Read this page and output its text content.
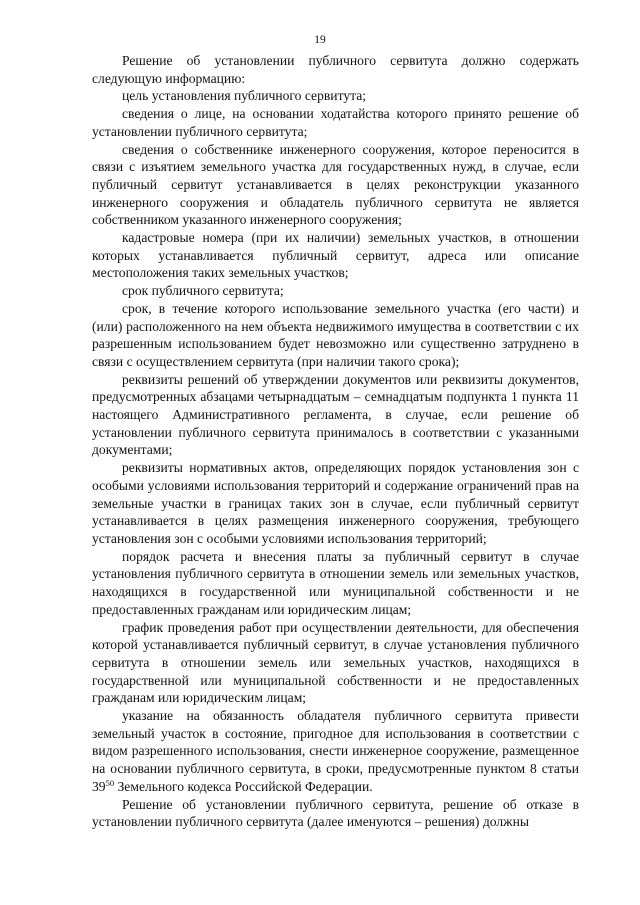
19

Решение об установлении публичного сервитута должно содержать следующую информацию:

цель установления публичного сервитута;

сведения о лице, на основании ходатайства которого принято решение об установлении публичного сервитута;

сведения о собственнике инженерного сооружения, которое переносится в связи с изъятием земельного участка для государственных нужд, в случае, если публичный сервитут устанавливается в целях реконструкции указанного инженерного сооружения и обладатель публичного сервитута не является собственником указанного инженерного сооружения;

кадастровые номера (при их наличии) земельных участков, в отношении которых устанавливается публичный сервитут, адреса или описание местоположения таких земельных участков;

срок публичного сервитута;

срок, в течение которого использование земельного участка (его части) и (или) расположенного на нем объекта недвижимого имущества в соответствии с их разрешенным использованием будет невозможно или существенно затруднено в связи с осуществлением сервитута (при наличии такого срока);

реквизиты решений об утверждении документов или реквизиты документов, предусмотренных абзацами четырнадцатым – семнадцатым подпункта 1 пункта 11 настоящего Административного регламента, в случае, если решение об установлении публичного сервитута принималось в соответствии с указанными документами;

реквизиты нормативных актов, определяющих порядок установления зон с особыми условиями использования территорий и содержание ограничений прав на земельные участки в границах таких зон в случае, если публичный сервитут устанавливается в целях размещения инженерного сооружения, требующего установления зон с особыми условиями использования территорий;

порядок расчета и внесения платы за публичный сервитут в случае установления публичного сервитута в отношении земель или земельных участков, находящихся в государственной или муниципальной собственности и не предоставленных гражданам или юридическим лицам;

график проведения работ при осуществлении деятельности, для обеспечения которой устанавливается публичный сервитут, в случае установления публичного сервитута в отношении земель или земельных участков, находящихся в государственной или муниципальной собственности и не предоставленных гражданам или юридическим лицам;

указание на обязанность обладателя публичного сервитута привести земельный участок в состояние, пригодное для использования в соответствии с видом разрешенного использования, снести инженерное сооружение, размещенное на основании публичного сервитута, в сроки, предусмотренные пунктом 8 статьи $39^{50}$ Земельного кодекса Российской Федерации.

Решение об установлении публичного сервитута, решение об отказе в установлении публичного сервитута (далее именуются – решения) должны
